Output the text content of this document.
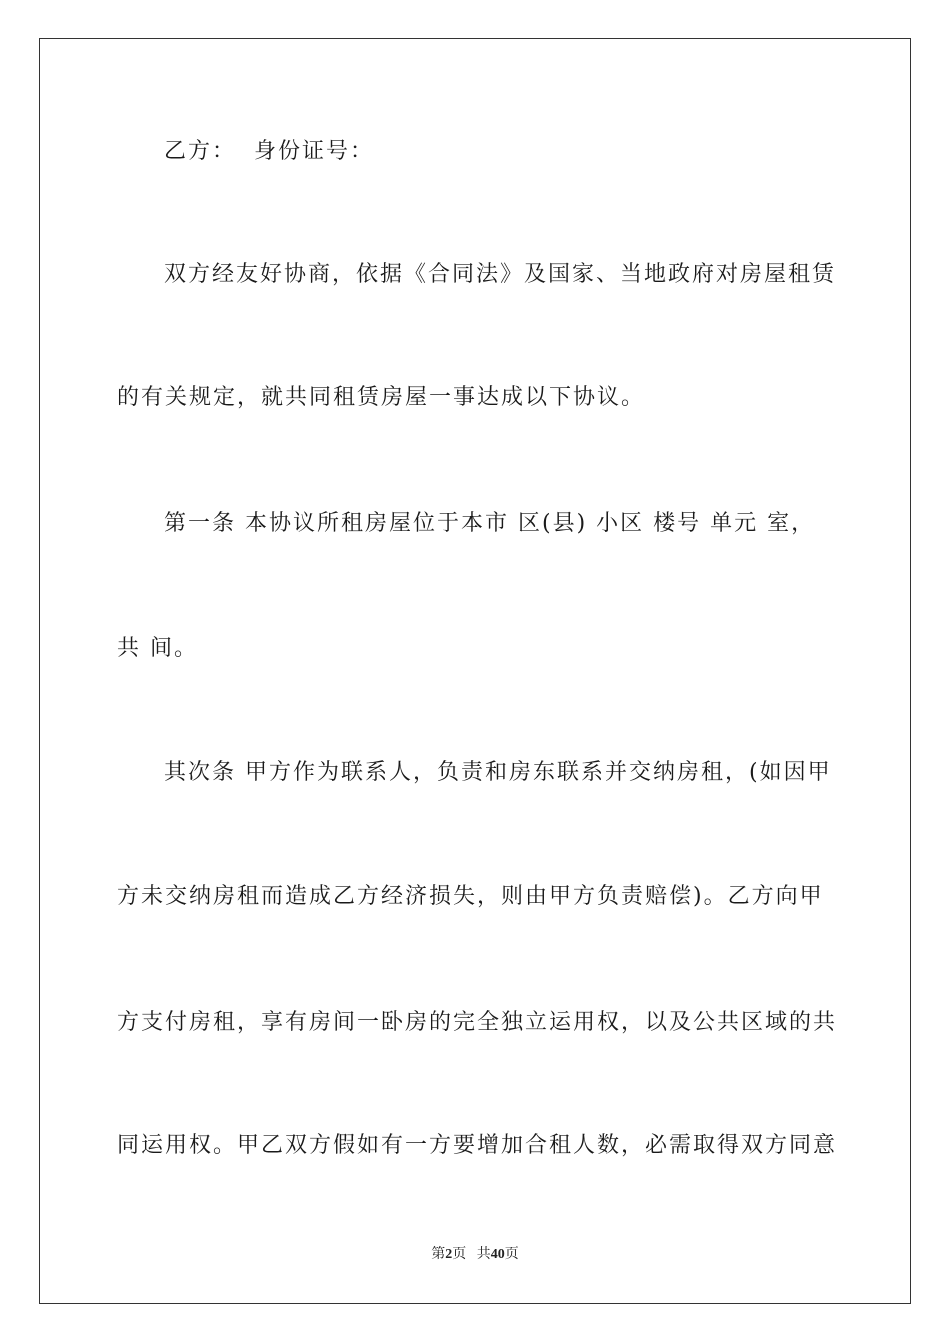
乙方：  身份证号：
双方经友好协商，依据《合同法》及国家、当地政府对房屋租赁
的有关规定，就共同租赁房屋一事达成以下协议。
第一条 本协议所租房屋位于本市 区(县) 小区 楼号 单元 室，
共 间。
其次条 甲方作为联系人，负责和房东联系并交纳房租，(如因甲
方未交纳房租而造成乙方经济损失，则由甲方负责赔偿)。乙方向甲
方支付房租，享有房间一卧房的完全独立运用权，以及公共区域的共
同运用权。甲乙双方假如有一方要增加合租人数，必需取得双方同意
第2页 共40页
